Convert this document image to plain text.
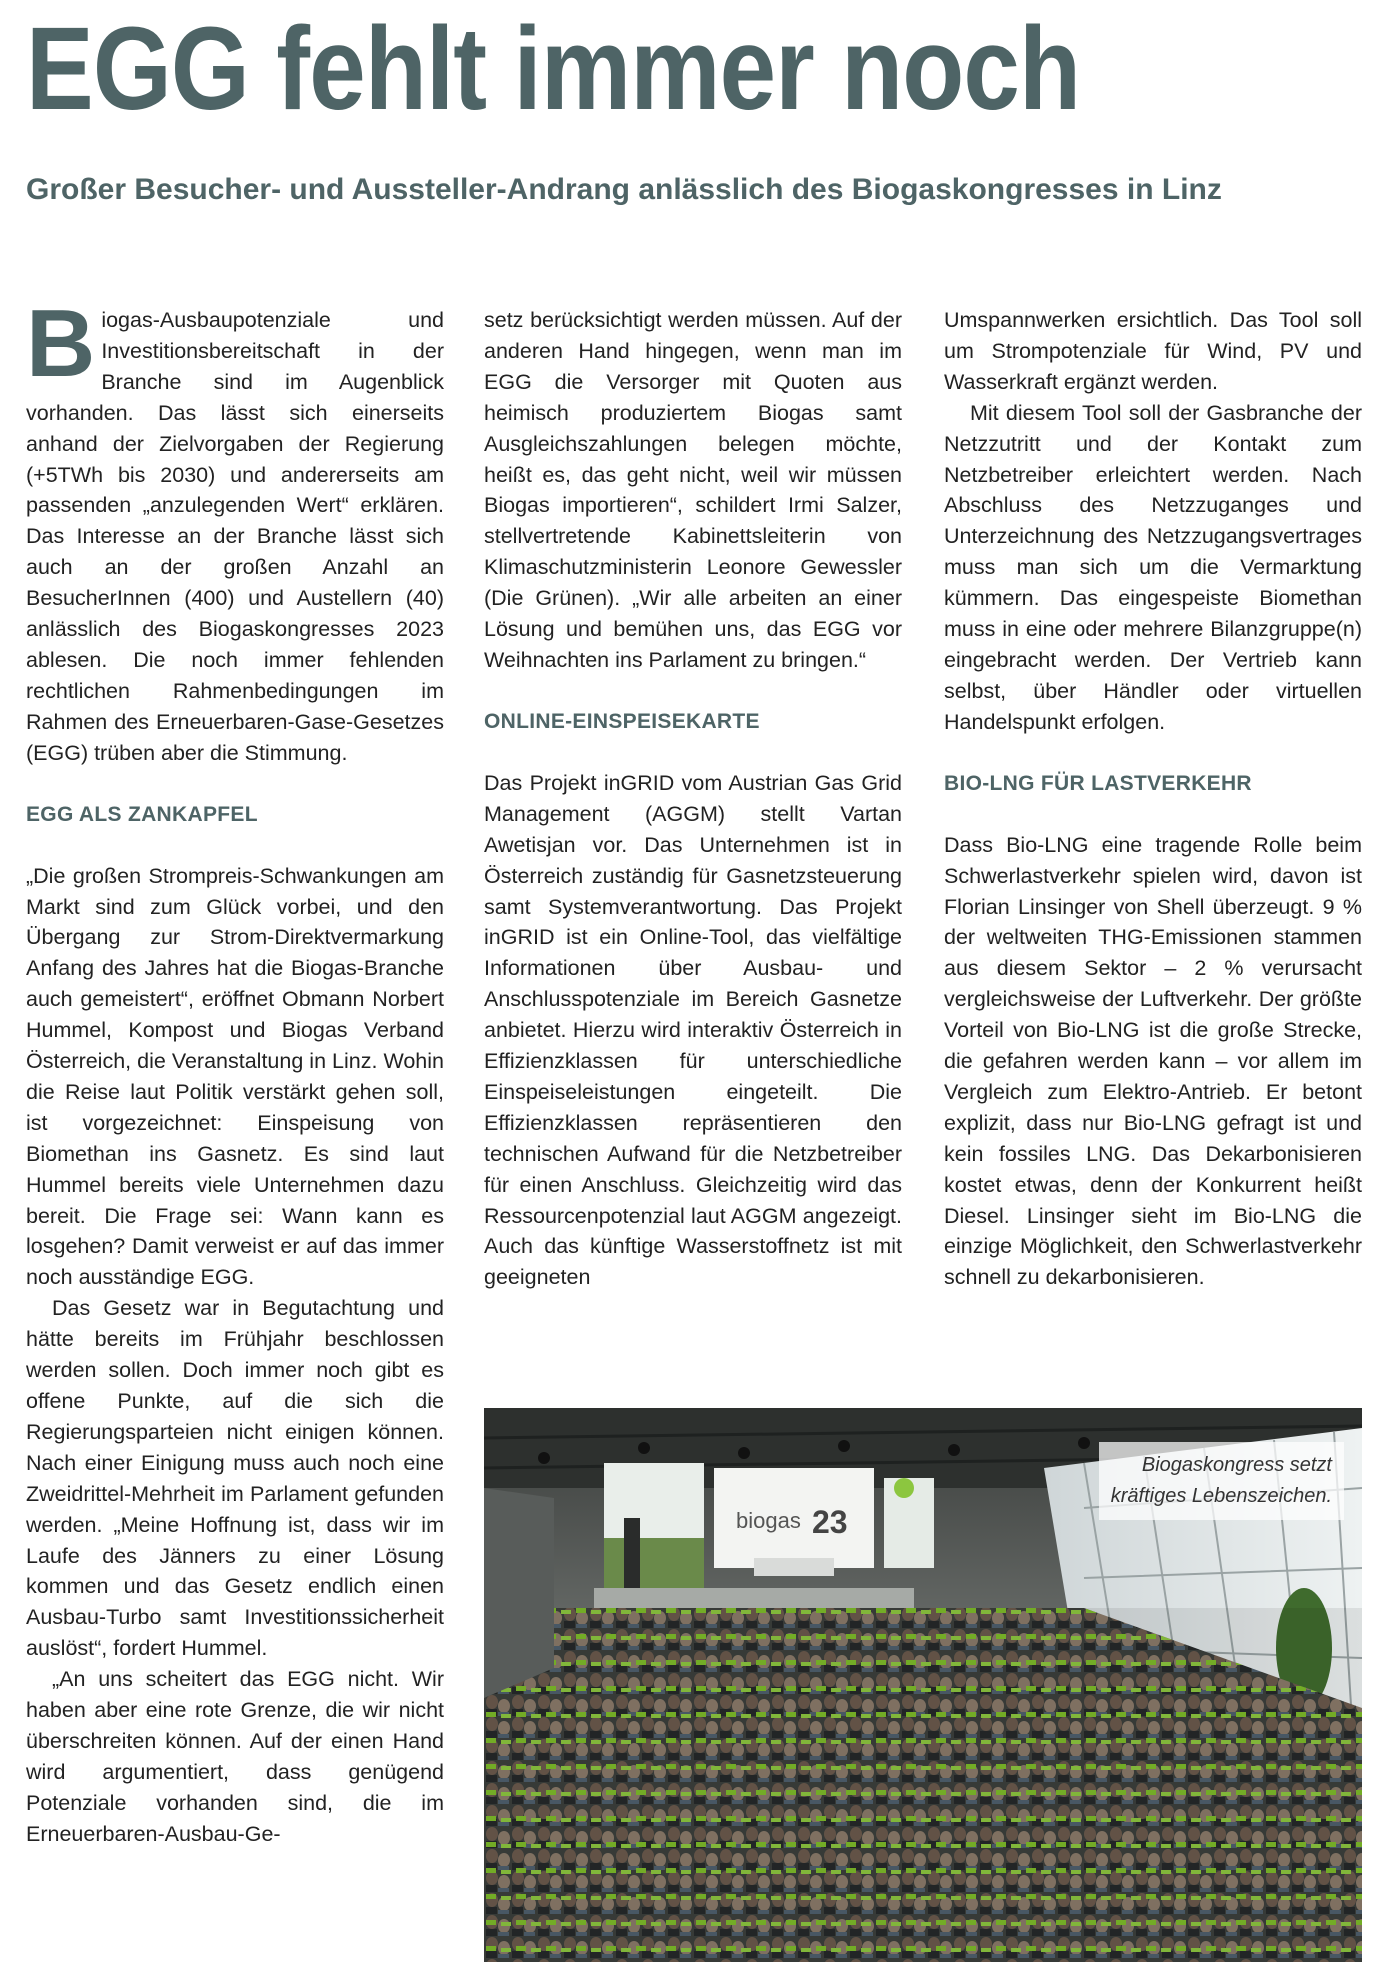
EGG fehlt immer noch
Großer Besucher- und Aussteller-Andrang anlässlich des Biogaskongresses in Linz

Biogas-Ausbaupotenziale und Investitionsbereitschaft in der Branche sind im Augenblick vorhanden. Das lässt sich einerseits anhand der Zielvorgaben der Regierung (+5TWh bis 2030) und andererseits am passenden „anzulegenden Wert“ erklären. Das Interesse an der Branche lässt sich auch an der großen Anzahl an BesucherInnen (400) und Austellern (40) anlässlich des Biogaskongresses 2023 ablesen. Die noch immer fehlenden rechtlichen Rahmenbedingungen im Rahmen des Erneuerbaren-Gase-Gesetzes (EGG) trüben aber die Stimmung.

EGG ALS ZANKAPFEL

„Die großen Strompreis-Schwankungen am Markt sind zum Glück vorbei, und den Übergang zur Strom-Direktvermarkung Anfang des Jahres hat die Biogas-Branche auch gemeistert“, eröffnet Obmann Norbert Hummel, Kompost und Biogas Verband Österreich, die Veranstaltung in Linz. Wohin die Reise laut Politik verstärkt gehen soll, ist vorgezeichnet: Einspeisung von Biomethan ins Gasnetz. Es sind laut Hummel bereits viele Unternehmen dazu bereit. Die Frage sei: Wann kann es losgehen? Damit verweist er auf das immer noch ausständige EGG.

Das Gesetz war in Begutachtung und hätte bereits im Frühjahr beschlossen werden sollen. Doch immer noch gibt es offene Punkte, auf die sich die Regierungsparteien nicht einigen können. Nach einer Einigung muss auch noch eine Zweidrittel-Mehrheit im Parlament gefunden werden. „Meine Hoffnung ist, dass wir im Laufe des Jänners zu einer Lösung kommen und das Gesetz endlich einen Ausbau-Turbo samt Investitionssicherheit auslöst“, fordert Hummel.

„An uns scheitert das EGG nicht. Wir haben aber eine rote Grenze, die wir nicht überschreiten können. Auf der einen Hand wird argumentiert, dass genügend Potenziale vorhanden sind, die im Erneuerbaren-Ausbau-Ge-

setz berücksichtigt werden müssen. Auf der anderen Hand hingegen, wenn man im EGG die Versorger mit Quoten aus heimisch produziertem Biogas samt Ausgleichszahlungen belegen möchte, heißt es, das geht nicht, weil wir müssen Biogas importieren“, schildert Irmi Salzer, stellvertretende Kabinettsleiterin von Klimaschutzministerin Leonore Gewessler (Die Grünen). „Wir alle arbeiten an einer Lösung und bemühen uns, das EGG vor Weihnachten ins Parlament zu bringen.“

ONLINE-EINSPEISEKARTE

Das Projekt inGRID vom Austrian Gas Grid Management (AGGM) stellt Vartan Awetisjan vor. Das Unternehmen ist in Österreich zuständig für Gasnetzsteuerung samt Systemverantwortung. Das Projekt inGRID ist ein Online-Tool, das vielfältige Informationen über Ausbau- und Anschlusspotenziale im Bereich Gasnetze anbietet. Hierzu wird interaktiv Österreich in Effizienzklassen für unterschiedliche Einspeiseleistungen eingeteilt. Die Effizienzklassen repräsentieren den technischen Aufwand für die Netzbetreiber für einen Anschluss. Gleichzeitig wird das Ressourcenpotenzial laut AGGM angezeigt. Auch das künftige Wasserstoffnetz ist mit geeigneten

Umspannwerken ersichtlich. Das Tool soll um Strompotenziale für Wind, PV und Wasserkraft ergänzt werden.

Mit diesem Tool soll der Gasbranche der Netzzutritt und der Kontakt zum Netzbetreiber erleichtert werden. Nach Abschluss des Netzzuganges und Unterzeichnung des Netzzugangsvertrages muss man sich um die Vermarktung kümmern. Das eingespeiste Biomethan muss in eine oder mehrere Bilanzgruppe(n) eingebracht werden. Der Vertrieb kann selbst, über Händler oder virtuellen Handelspunkt erfolgen.

BIO-LNG FÜR LASTVERKEHR

Dass Bio-LNG eine tragende Rolle beim Schwerlastverkehr spielen wird, davon ist Florian Linsinger von Shell überzeugt. 9 % der weltweiten THG-Emissionen stammen aus diesem Sektor – 2 % verursacht vergleichsweise der Luftverkehr. Der größte Vorteil von Bio-LNG ist die große Strecke, die gefahren werden kann – vor allem im Vergleich zum Elektro-Antrieb. Er betont explizit, dass nur Bio-LNG gefragt ist und kein fossiles LNG. Das Dekarbonisieren kostet etwas, denn der Konkurrent heißt Diesel. Linsinger sieht im Bio-LNG die einzige Möglichkeit, den Schwerlastverkehr schnell zu dekarbonisieren.

biogas 23
Biogaskongress setzt
kräftiges Lebenszeichen.
